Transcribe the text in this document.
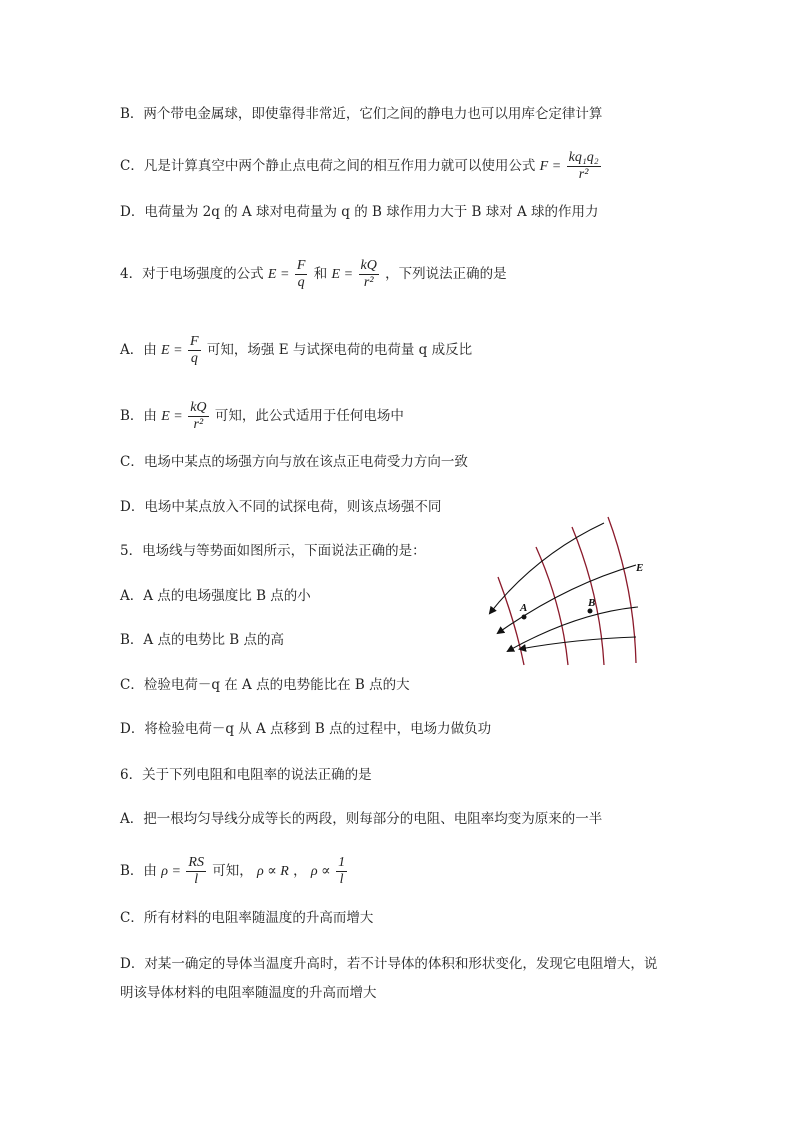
B．两个带电金属球，即使靠得非常近，它们之间的静电力也可以用库仑定律计算
C．凡是计算真空中两个静止点电荷之间的相互作用力就可以使用公式 $F = \frac{\text{kq₁q₂}}{\text{r²}}$
D．电荷量为 2q 的 A 球对电荷量为 q 的 B 球作用力大于 B 球对 A 球的作用力
4．对于电场强度的公式 $E = \frac{F}{q}$ 和 $E = \frac{kQ}{\text{r²}}$ ，下列说法正确的是
A．由 $E = \frac{F}{q}$ 可知，场强 E 与试探电荷的电荷量 q 成反比
B．由 $E = \frac{kQ}{\text{r²}}$ 可知，此公式适用于任何电场中
C．电场中某点的场强方向与放在该点正电荷受力方向一致
D．电场中某点放入不同的试探电荷，则该点场强不同
5．电场线与等势面如图所示，下面说法正确的是：
A．A 点的电场强度比 B 点的小
B．A 点的电势比 B 点的高
C．检验电荷－q 在 A 点的电势能比在 B 点的大
D．将检验电荷－q 从 A 点移到 B 点的过程中，电场力做负功
A	B
E
6．关于下列电阻和电阻率的说法正确的是
A．把一根均匀导线分成等长的两段，则每部分的电阻、电阻率均变为原来的一半
B．由 $\rho = \frac{RS}{l}$ 可知， ρ ∝ R ， $\rho \propto \frac{1}{l}$
C．所有材料的电阻率随温度的升高而增大
D．对某一确定的导体当温度升高时，若不计导体的体积和形状变化，发现它电阻增大，说
明该导体材料的电阻率随温度的升高而增大
